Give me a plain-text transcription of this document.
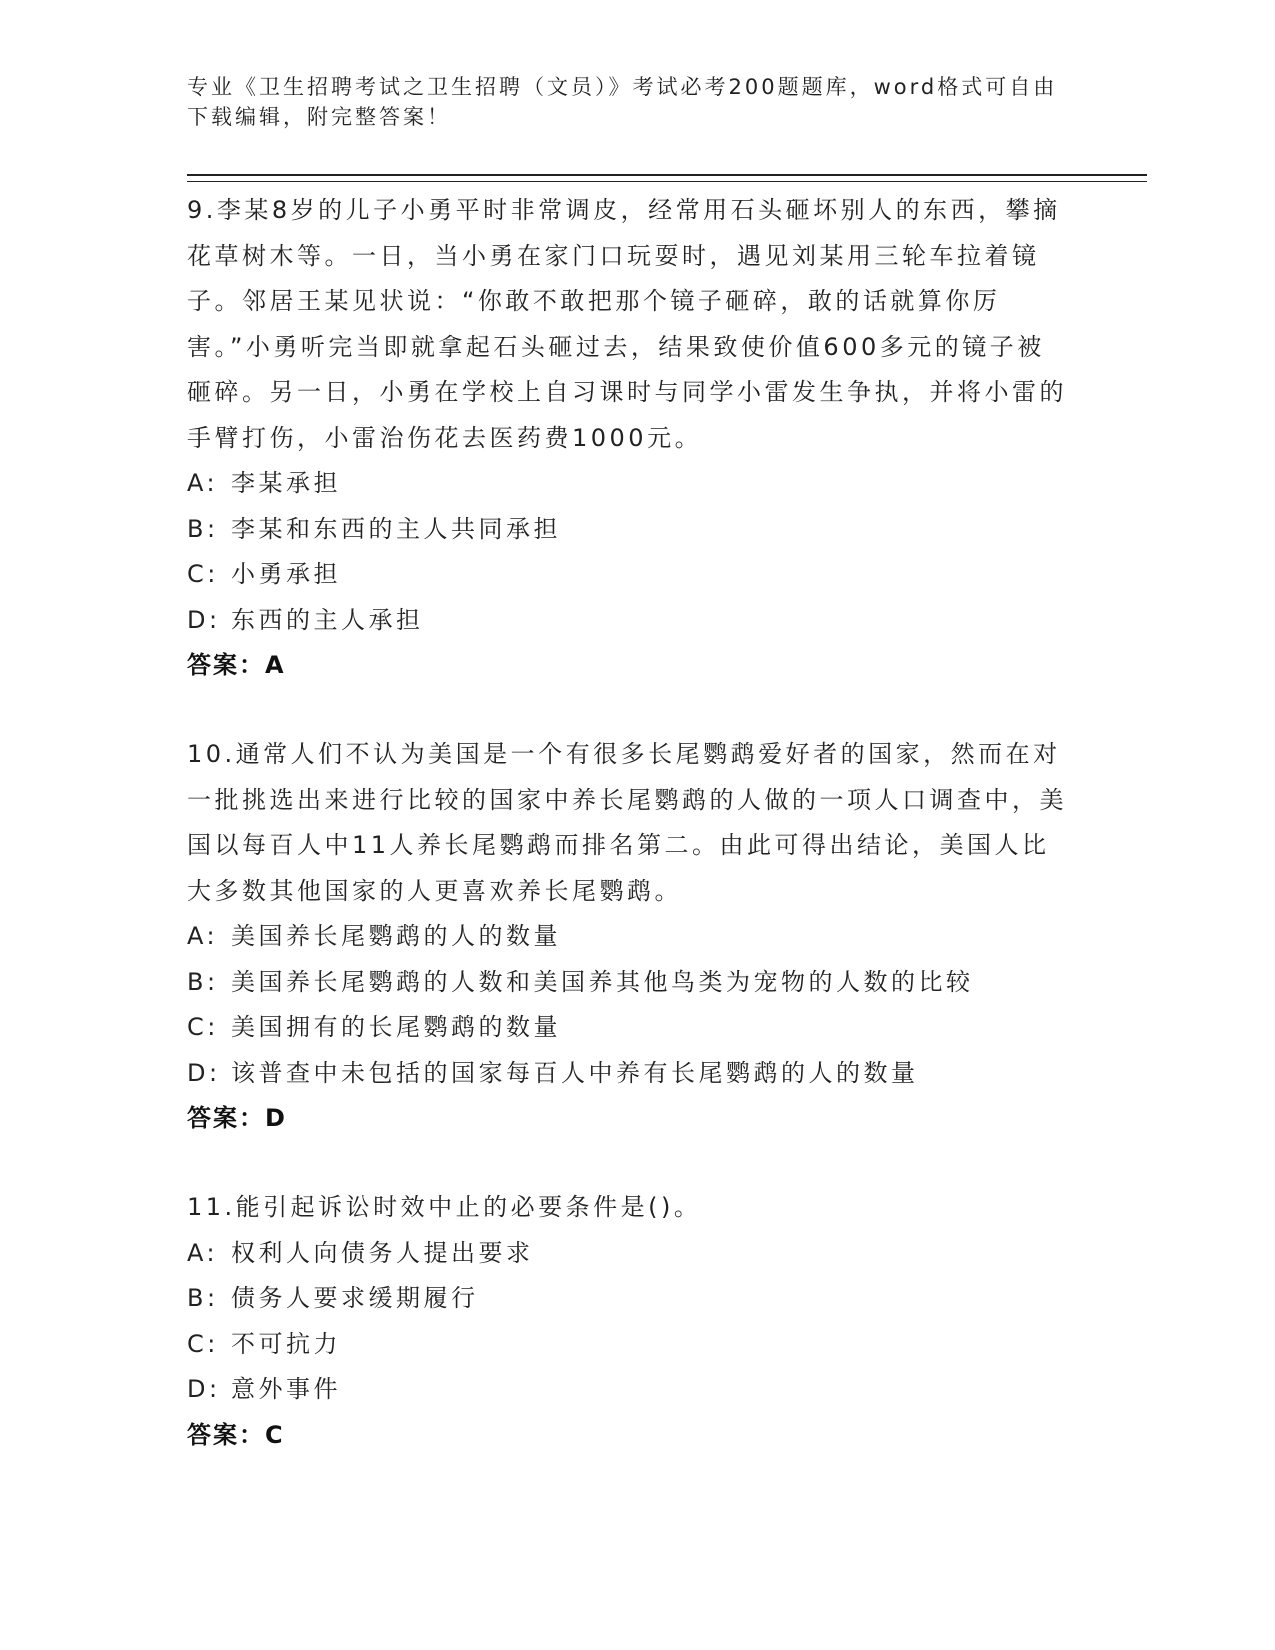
专业《卫生招聘考试之卫生招聘（文员）》考试必考200题题库，word格式可自由下载编辑，附完整答案！

9.李某8岁的儿子小勇平时非常调皮，经常用石头砸坏别人的东西，攀摘花草树木等。一日，当小勇在家门口玩耍时，遇见刘某用三轮车拉着镜子。邻居王某见状说：“你敢不敢把那个镜子砸碎，敢的话就算你厉害。”小勇听完当即就拿起石头砸过去，结果致使价值600多元的镜子被砸碎。另一日，小勇在学校上自习课时与同学小雷发生争执，并将小雷的手臂打伤，小雷治伤花去医药费1000元。

A: 李某承担
B: 李某和东西的主人共同承担
C: 小勇承担
D: 东西的主人承担
答案：A

10.通常人们不认为美国是一个有很多长尾鹦鹉爱好者的国家，然而在对一批挑选出来进行比较的国家中养长尾鹦鹉的人做的一项人口调查中，美国以每百人中11人养长尾鹦鹉而排名第二。由此可得出结论，美国人比大多数其他国家的人更喜欢养长尾鹦鹉。

A: 美国养长尾鹦鹉的人的数量
B: 美国养长尾鹦鹉的人数和美国养其他鸟类为宠物的人数的比较
C: 美国拥有的长尾鹦鹉的数量
D: 该普查中未包括的国家每百人中养有长尾鹦鹉的人的数量
答案：D

11.能引起诉讼时效中止的必要条件是()。

A: 权利人向债务人提出要求
B: 债务人要求缓期履行
C: 不可抗力
D: 意外事件
答案：C
